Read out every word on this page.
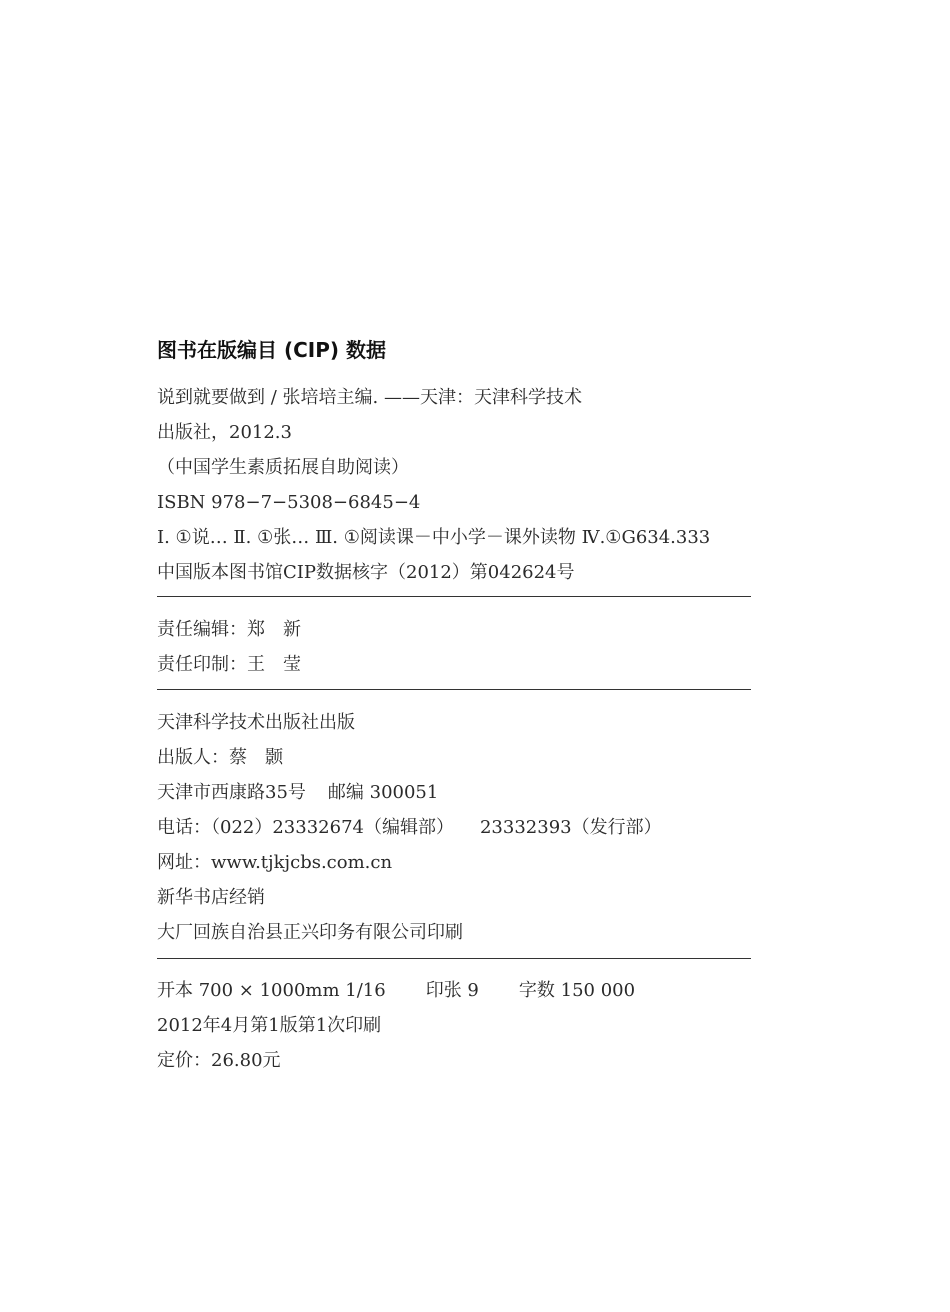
图书在版编目 (CIP) 数据
说到就要做到 / 张培培主编. ——天津：天津科学技术
出版社，2012.3
（中国学生素质拓展自助阅读）
ISBN 978−7−5308−6845−4
Ⅰ. ①说… Ⅱ. ①张… Ⅲ. ①阅读课－中小学－课外读物 Ⅳ.①G634.333
中国版本图书馆CIP数据核字（2012）第042624号
责任编辑：郑　新
责任印制：王　莹
天津科学技术出版社出版
出版人：蔡　颢
天津市西康路35号 邮编 300051
电话：（022）23332674（编辑部） 23332393（发行部）
网址：www.tjkjcbs.com.cn
新华书店经销
大厂回族自治县正兴印务有限公司印刷
开本 700 × 1000mm 1/16 印张 9 字数 150 000
2012年4月第1版第1次印刷
定价：26.80元
